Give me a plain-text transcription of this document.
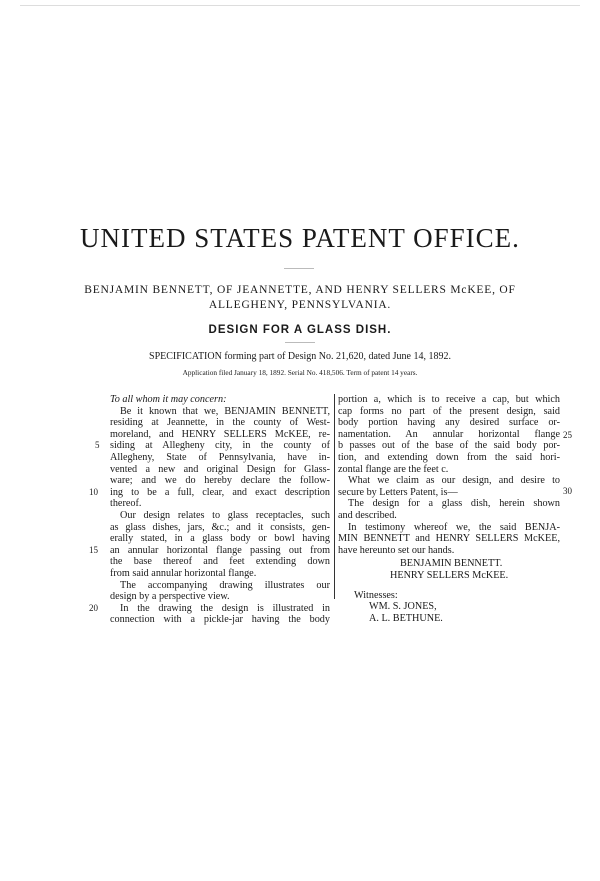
UNITED STATES PATENT OFFICE.
BENJAMIN BENNETT, OF JEANNETTE, AND HENRY SELLERS McKEE, OF
ALLEGHENY, PENNSYLVANIA.
DESIGN FOR A GLASS DISH.
SPECIFICATION forming part of Design No. 21,620, dated June 14, 1892.
Application filed January 18, 1892. Serial No. 418,506. Term of patent 14 years.
To all whom it may concern:
Be it known that we, BENJAMIN BENNETT,
residing at Jeannette, in the county of West-
moreland, and HENRY SELLERS McKEE, re-
siding at Allegheny city, in the county of
Allegheny, State of Pennsylvania, have in-
vented a new and original Design for Glass-
ware; and we do hereby declare the follow-
ing to be a full, clear, and exact description
thereof.
Our design relates to glass receptacles, such
as glass dishes, jars, &c.; and it consists, gen-
erally stated, in a glass body or bowl having
an annular horizontal flange passing out from
the base thereof and feet extending down
from said annular horizontal flange.
The accompanying drawing illustrates our
design by a perspective view.
In the drawing the design is illustrated in
connection with a pickle-jar having the body
5
10
15
20
portion a, which is to receive a cap, but which
cap forms no part of the present design, said
body portion having any desired surface or-
namentation. An annular horizontal flange
b passes out of the base of the said body por-
tion, and extending down from the said hori-
zontal flange are the feet c.
What we claim as our design, and desire to
secure by Letters Patent, is—
The design for a glass dish, herein shown
and described.
In testimony whereof we, the said BENJA-
MIN BENNETT and HENRY SELLERS McKEE,
have hereunto set our hands.
BENJAMIN BENNETT.
HENRY SELLERS McKEE.
Witnesses:
WM. S. JONES,
A. L. BETHUNE.
25
30
